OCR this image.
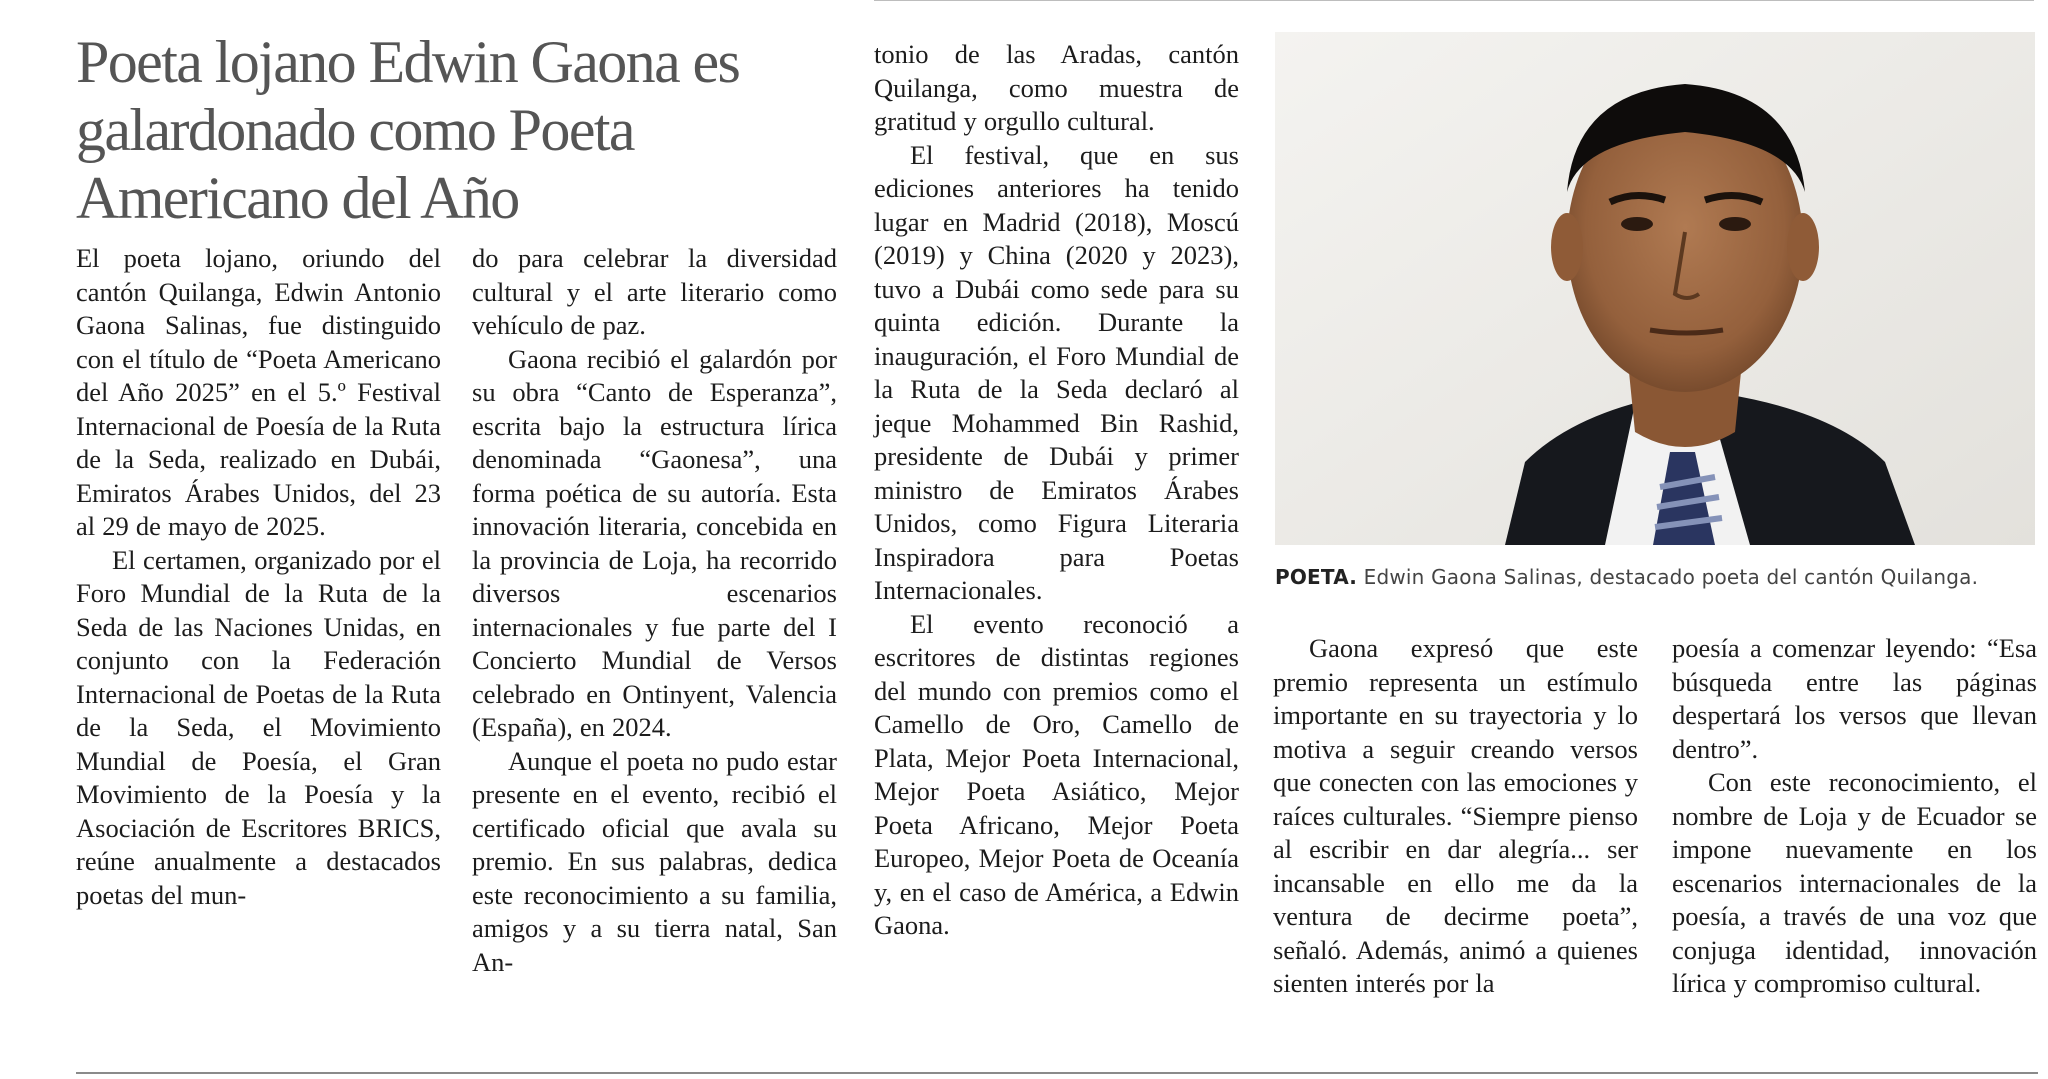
Poeta lojano Edwin Gaona es galardonado como Poeta Americano del Año

El poeta lojano, oriundo del cantón Quilanga, Edwin Antonio Gaona Salinas, fue distinguido con el título de “Poeta Americano del Año 2025” en el 5.º Festival Internacional de Poesía de la Ruta de la Seda, realizado en Dubái, Emiratos Árabes Unidos, del 23 al 29 de mayo de 2025.

El certamen, organizado por el Foro Mundial de la Ruta de la Seda de las Naciones Unidas, en conjunto con la Federación Internacional de Poetas de la Ruta de la Seda, el Movimiento Mundial de Poesía, el Gran Movimiento de la Poesía y la Asociación de Escritores BRICS, reúne anualmente a destacados poetas del mun-

do para celebrar la diversidad cultural y el arte literario como vehículo de paz.

Gaona recibió el galardón por su obra “Canto de Esperanza”, escrita bajo la estructura lírica denominada “Gaonesa”, una forma poética de su autoría. Esta innovación literaria, concebida en la provincia de Loja, ha recorrido diversos escenarios internacionales y fue parte del I Concierto Mundial de Versos celebrado en Ontinyent, Valencia (España), en 2024.

Aunque el poeta no pudo estar presente en el evento, recibió el certificado oficial que avala su premio. En sus palabras, dedica este reconocimiento a su familia, amigos y a su tierra natal, San An-

tonio de las Aradas, cantón Quilanga, como muestra de gratitud y orgullo cultural.

El festival, que en sus ediciones anteriores ha tenido lugar en Madrid (2018), Moscú (2019) y China (2020 y 2023), tuvo a Dubái como sede para su quinta edición. Durante la inauguración, el Foro Mundial de la Ruta de la Seda declaró al jeque Mohammed Bin Rashid, presidente de Dubái y primer ministro de Emiratos Árabes Unidos, como Figura Literaria Inspiradora para Poetas Internacionales.

El evento reconoció a escritores de distintas regiones del mundo con premios como el Camello de Oro, Camello de Plata, Mejor Poeta Internacional, Mejor Poeta Asiático, Mejor Poeta Africano, Mejor Poeta Europeo, Mejor Poeta de Oceanía y, en el caso de América, a Edwin Gaona.

POETA. Edwin Gaona Salinas, destacado poeta del cantón Quilanga.

Gaona expresó que este premio representa un estímulo importante en su trayectoria y lo motiva a seguir creando versos que conecten con las emociones y raíces culturales. “Siempre pienso al escribir en dar alegría... ser incansable en ello me da la ventura de decirme poeta”, señaló. Además, animó a quienes sienten interés por la

poesía a comenzar leyendo: “Esa búsqueda entre las páginas despertará los versos que llevan dentro”.

Con este reconocimiento, el nombre de Loja y de Ecuador se impone nuevamente en los escenarios internacionales de la poesía, a través de una voz que conjuga identidad, innovación lírica y compromiso cultural.
